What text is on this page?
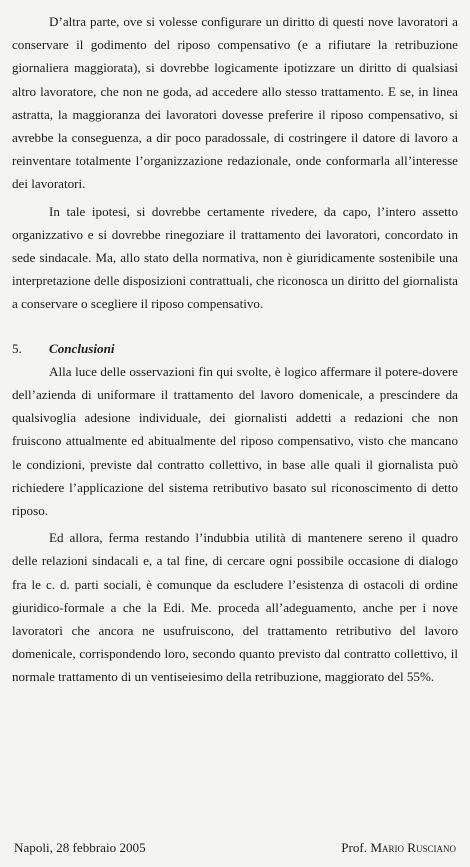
D’altra parte, ove si volesse configurare un diritto di questi nove lavoratori a conservare il godimento del riposo compensativo (e a rifiutare la retribuzione giornaliera maggiorata), si dovrebbe logicamente ipotizzare un diritto di qualsiasi altro lavoratore, che non ne goda, ad accedere allo stesso trattamento. E se, in linea astratta, la maggioranza dei lavoratori dovesse preferire il riposo compensativo, si avrebbe la conseguenza, a dir poco paradossale, di costringere il datore di lavoro a reinventare totalmente l’organizzazione redazionale, onde conformarla all’interesse dei lavoratori.

In tale ipotesi, si dovrebbe certamente rivedere, da capo, l’intero assetto organizzativo e si dovrebbe rinegoziare il trattamento dei lavoratori, concordato in sede sindacale. Ma, allo stato della normativa, non è giuridicamente sostenibile una interpretazione delle disposizioni contrattuali, che riconosca un diritto del giornalista a conservare o scegliere il riposo compensativo.

5.	Conclusioni

Alla luce delle osservazioni fin qui svolte, è logico affermare il potere-dovere dell’azienda di uniformare il trattamento del lavoro domenicale, a prescindere da qualsivoglia adesione individuale, dei giornalisti addetti a redazioni che non fruiscono attualmente ed abitualmente del riposo compensativo, visto che mancano le condizioni, previste dal contratto collettivo, in base alle quali il giornalista può richiedere l’applicazione del sistema retributivo basato sul riconoscimento di detto riposo.

Ed allora, ferma restando l’indubbia utilità di mantenere sereno il quadro delle relazioni sindacali e, a tal fine, di cercare ogni possibile occasione di dialogo fra le c. d. parti sociali, è comunque da escludere l’esistenza di ostacoli di ordine giuridico-formale a che la Edi. Me. proceda all’adeguamento, anche per i nove lavoratori che ancora ne usufruiscono, del trattamento retributivo del lavoro domenicale, corrispondendo loro, secondo quanto previsto dal contratto collettivo, il normale trattamento di un ventiseiesimo della retribuzione, maggiorato del 55%.

Napoli, 28 febbraio 2005	Prof. Mario Rusciano
